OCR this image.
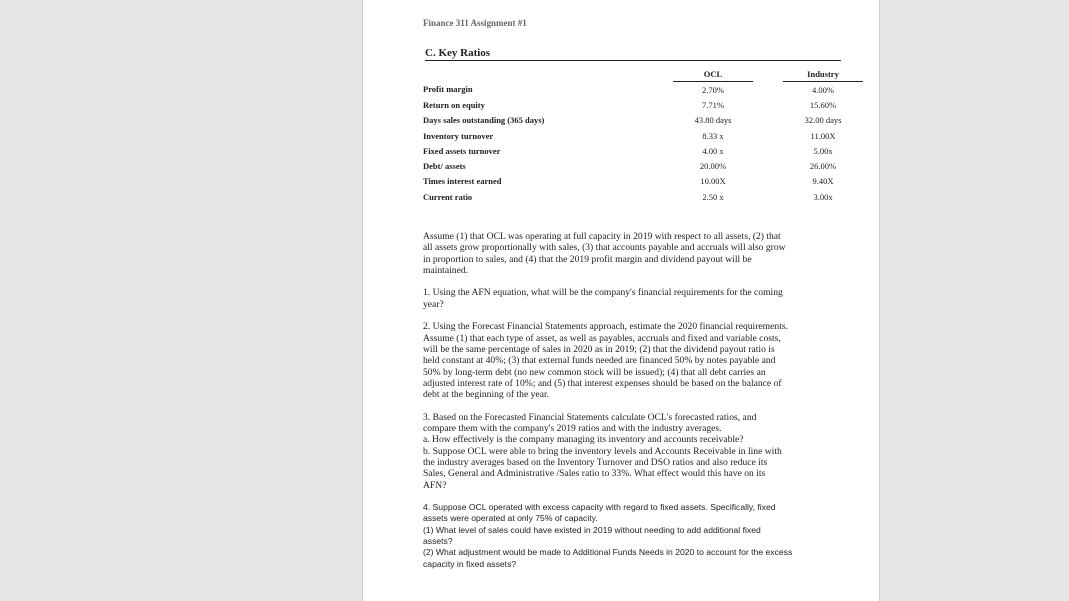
Finance 311 Assignment #1
C. Key Ratios
		OCL		Industry
Profit margin		2.70%		4.00%
Return on equity		7.71%		15.60%
Days sales outstanding (365 days)		43.80 days		32.00 days
Inventory turnover		8.33 x		11.00X
Fixed assets turnover		4.00 x		5.00x
Debt/ assets		20.00%		26.00%
Times interest earned		10.00X		9.40X
Current ratio		2.50 x		3.00x

Assume (1) that OCL was operating at full capacity in 2019 with respect to all assets, (2) that
all assets grow proportionally with sales, (3) that accounts payable and accruals will also grow
in proportion to sales, and (4) that the 2019 profit margin and dividend payout will be
maintained.

1. Using the AFN equation, what will be the company's financial requirements for the coming
year?

2. Using the Forecast Financial Statements approach, estimate the 2020 financial requirements.
Assume (1) that each type of asset, as well as payables, accruals and fixed and variable costs,
will be the same percentage of sales in 2020 as in 2019; (2) that the dividend payout ratio is
held constant at 40%; (3) that external funds needed are financed 50% by notes payable and
50% by long-term debt (no new common stock will be issued); (4) that all debt carries an
adjusted interest rate of 10%; and (5) that interest expenses should be based on the balance of
debt at the beginning of the year.

3. Based on the Forecasted Financial Statements calculate OCL's forecasted ratios, and
compare them with the company's 2019 ratios and with the industry averages.
a. How effectively is the company managing its inventory and accounts receivable?
b. Suppose OCL were able to bring the inventory levels and Accounts Receivable in line with
the industry averages based on the Inventory Turnover and DSO ratios and also reduce its
Sales, General and Administrative /Sales ratio to 33%. What effect would this have on its
AFN?

4. Suppose OCL operated with excess capacity with regard to fixed assets. Specifically, fixed
assets were operated at only 75% of capacity.
(1) What level of sales could have existed in 2019 without needing to add additional fixed
assets?
(2) What adjustment would be made to Additional Funds Needs in 2020 to account for the excess
capacity in fixed assets?
